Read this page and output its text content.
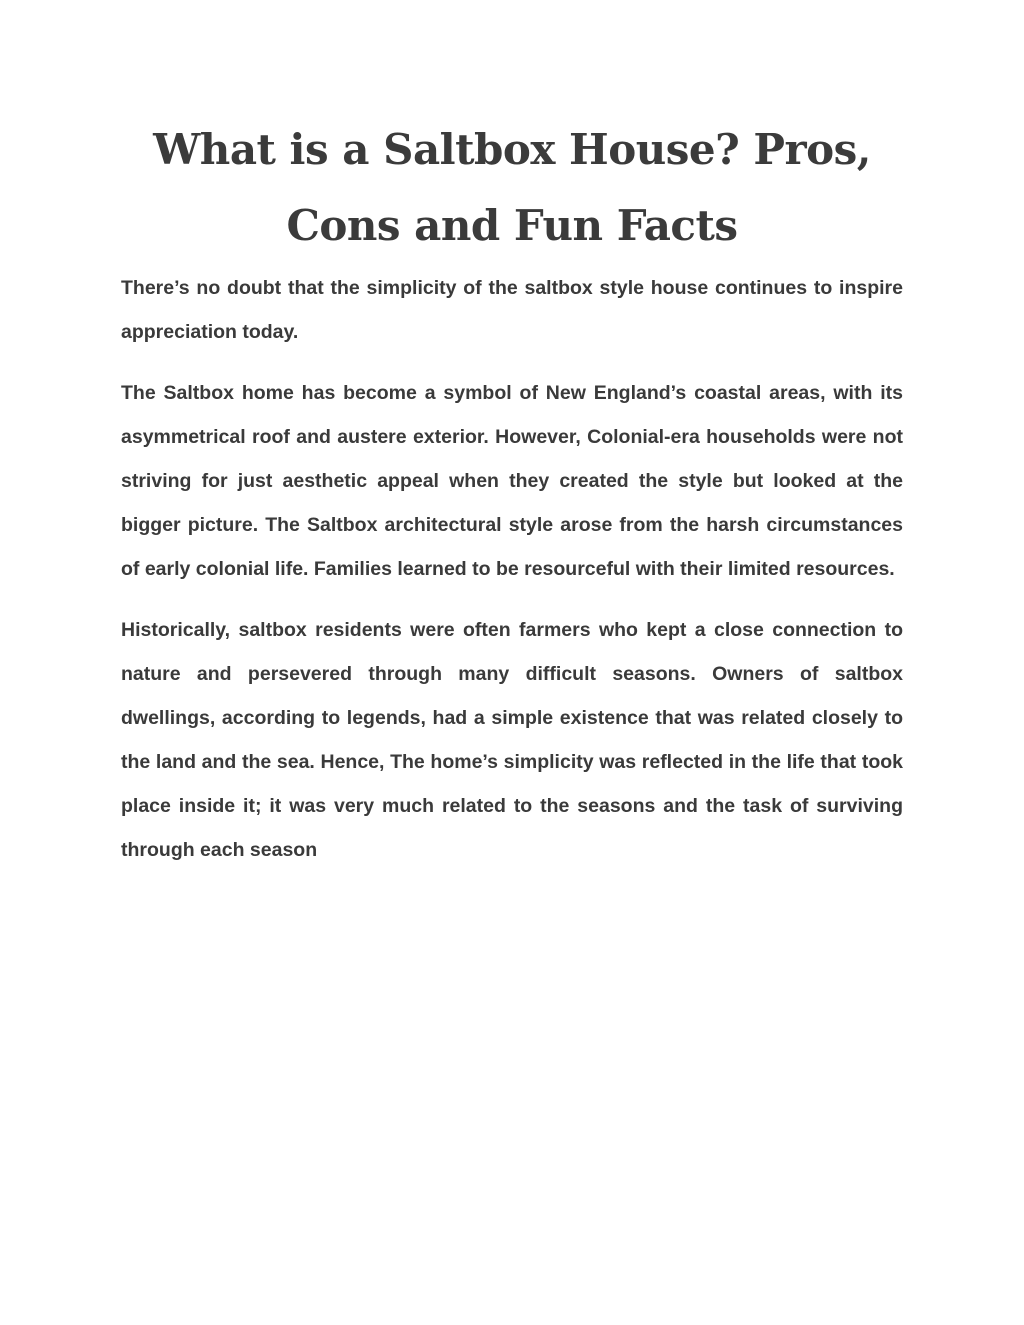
What is a Saltbox House? Pros, Cons and Fun Facts

There’s no doubt that the simplicity of the saltbox style house continues to inspire appreciation today.

The Saltbox home has become a symbol of New England’s coastal areas, with its asymmetrical roof and austere exterior. However, Colonial-era households were not striving for just aesthetic appeal when they created the style but looked at the bigger picture. The Saltbox architectural style arose from the harsh circumstances of early colonial life. Families learned to be resourceful with their limited resources.

Historically, saltbox residents were often farmers who kept a close connection to nature and persevered through many difficult seasons. Owners of saltbox dwellings, according to legends, had a simple existence that was related closely to the land and the sea. Hence, The home’s simplicity was reflected in the life that took place inside it; it was very much related to the seasons and the task of surviving through each season
